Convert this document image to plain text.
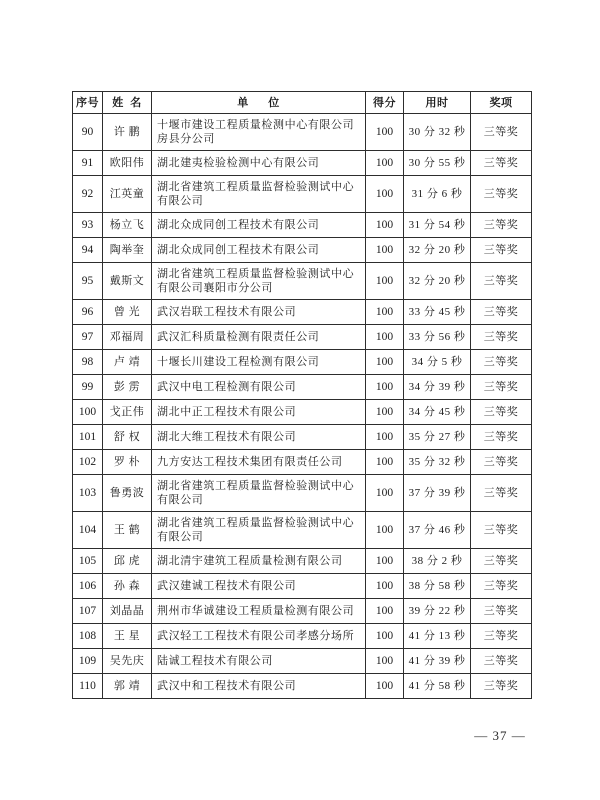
序号	姓  名	单      位	得分	用时	奖项
90	许 鹏	十堰市建设工程质量检测中心有限公司房县分公司	100	30 分 32 秒	三等奖
91	欧阳伟	湖北建夷检验检测中心有限公司	100	30 分 55 秒	三等奖
92	江英童	湖北省建筑工程质量监督检验测试中心有限公司	100	31 分 6 秒	三等奖
93	杨立飞	湖北众成同创工程技术有限公司	100	31 分 54 秒	三等奖
94	陶举奎	湖北众成同创工程技术有限公司	100	32 分 20 秒	三等奖
95	戴斯文	湖北省建筑工程质量监督检验测试中心有限公司襄阳市分公司	100	32 分 20 秒	三等奖
96	曾 光	武汉岩联工程技术有限公司	100	33 分 45 秒	三等奖
97	邓福周	武汉汇科质量检测有限责任公司	100	33 分 56 秒	三等奖
98	卢 靖	十堰长川建设工程检测有限公司	100	34 分 5 秒	三等奖
99	彭 雳	武汉中电工程检测有限公司	100	34 分 39 秒	三等奖
100	戈正伟	湖北中正工程技术有限公司	100	34 分 45 秒	三等奖
101	舒 权	湖北大维工程技术有限公司	100	35 分 27 秒	三等奖
102	罗 朴	九方安达工程技术集团有限责任公司	100	35 分 32 秒	三等奖
103	鲁勇波	湖北省建筑工程质量监督检验测试中心有限公司	100	37 分 39 秒	三等奖
104	王 鹤	湖北省建筑工程质量监督检验测试中心有限公司	100	37 分 46 秒	三等奖
105	邱 虎	湖北清宇建筑工程质量检测有限公司	100	38 分 2 秒	三等奖
106	孙 森	武汉建诚工程技术有限公司	100	38 分 58 秒	三等奖
107	刘晶晶	荆州市华诚建设工程质量检测有限公司	100	39 分 22 秒	三等奖
108	王 星	武汉轻工工程技术有限公司孝感分场所	100	41 分 13 秒	三等奖
109	吴先庆	陆诚工程技术有限公司	100	41 分 39 秒	三等奖
110	郭 靖	武汉中和工程技术有限公司	100	41 分 58 秒	三等奖
— 37 —
